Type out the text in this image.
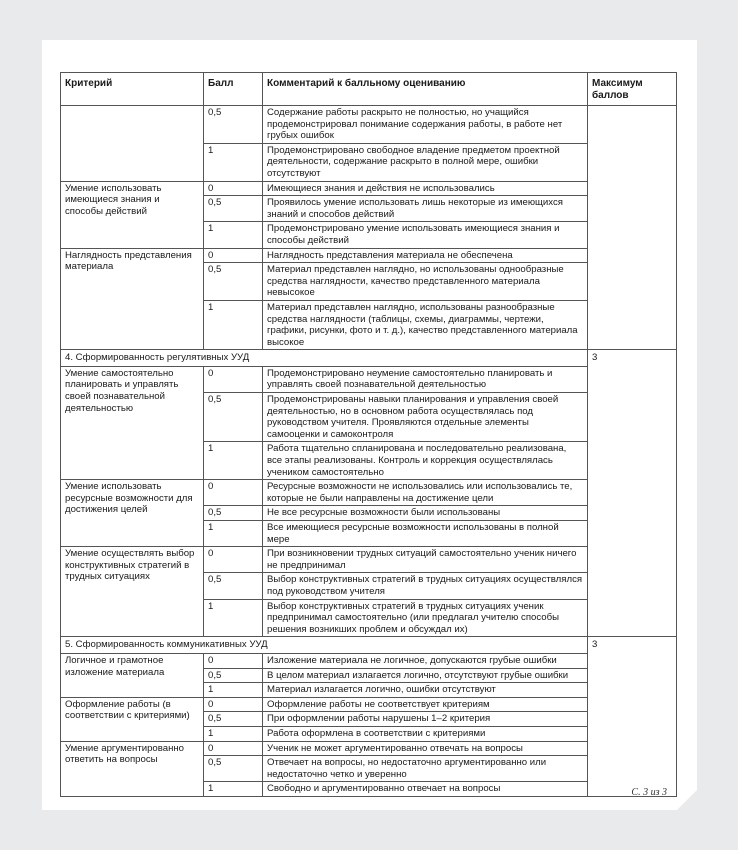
Критерий	Балл	Комментарий к балльному оцениванию	Максимум баллов
	0,5	Содержание работы раскрыто не полностью, но учащийся продемонстрировал понимание содержания работы, в работе нет грубых ошибок	
	1	Продемонстрировано свободное владение предметом проектной деятельности, содержание раскрыто в полной мере, ошибки отсутствуют	
Умение использовать имеющиеся знания и способы действий	0	Имеющиеся знания и действия не использовались	
	0,5	Проявилось умение использовать лишь некоторые из имеющихся знаний и способов действий	
	1	Продемонстрировано умение использовать имеющиеся знания и способы действий	
Наглядность представления материала	0	Наглядность представления материала не обеспечена	
	0,5	Материал представлен наглядно, но использованы однообразные средства наглядности, качество представленного материала невысокое	
	1	Материал представлен наглядно, использованы разнообразные средства наглядности (таблицы, схемы, диаграммы, чертежи, графики, рисунки, фото и т. д.), качество представленного материала высокое	
4. Сформированность регулятивных УУД			3
Умение самостоятельно планировать и управлять своей познавательной деятельностью	0	Продемонстрировано неумение самостоятельно планировать и управлять своей познавательной деятельностью	
	0,5	Продемонстрированы навыки планирования и управления своей деятельностью, но в основном работа осуществлялась под руководством учителя. Проявляются отдельные элементы самооценки и самоконтроля	
	1	Работа тщательно спланирована и последовательно реализована, все этапы реализованы. Контроль и коррекция осуществлялась учеником самостоятельно	
Умение использовать ресурсные возможности для достижения целей	0	Ресурсные возможности не использовались или использовались те, которые не были направлены на достижение цели	
	0,5	Не все ресурсные возможности были использованы	
	1	Все имеющиеся ресурсные возможности использованы в полной мере	
Умение осуществлять выбор конструктивных стратегий в трудных ситуациях	0	При возникновении трудных ситуаций самостоятельно ученик ничего не предпринимал	
	0,5	Выбор конструктивных стратегий в трудных ситуациях осуществлялся под руководством учителя	
	1	Выбор конструктивных стратегий в трудных ситуациях ученик предпринимал самостоятельно (или предлагал учителю способы решения возникших проблем и обсуждал их)	
5. Сформированность коммуникативных УУД			3
Логичное и грамотное изложение материала	0	Изложение материала не логичное, допускаются грубые ошибки	
	0,5	В целом материал излагается логично, отсутствуют грубые ошибки	
	1	Материал излагается логично, ошибки отсутствуют	
Оформление работы (в соответствии с критериями)	0	Оформление работы не соответствует критериям	
	0,5	При оформлении работы нарушены 1–2 критерия	
	1	Работа оформлена в соответствии с критериями	
Умение аргументированно ответить на вопросы	0	Ученик не может аргументированно отвечать на вопросы	
	0,5	Отвечает на вопросы, но недостаточно аргументированно или недостаточно четко и уверенно	
	1	Свободно и аргументированно отвечает на вопросы		С. 3 из 3
